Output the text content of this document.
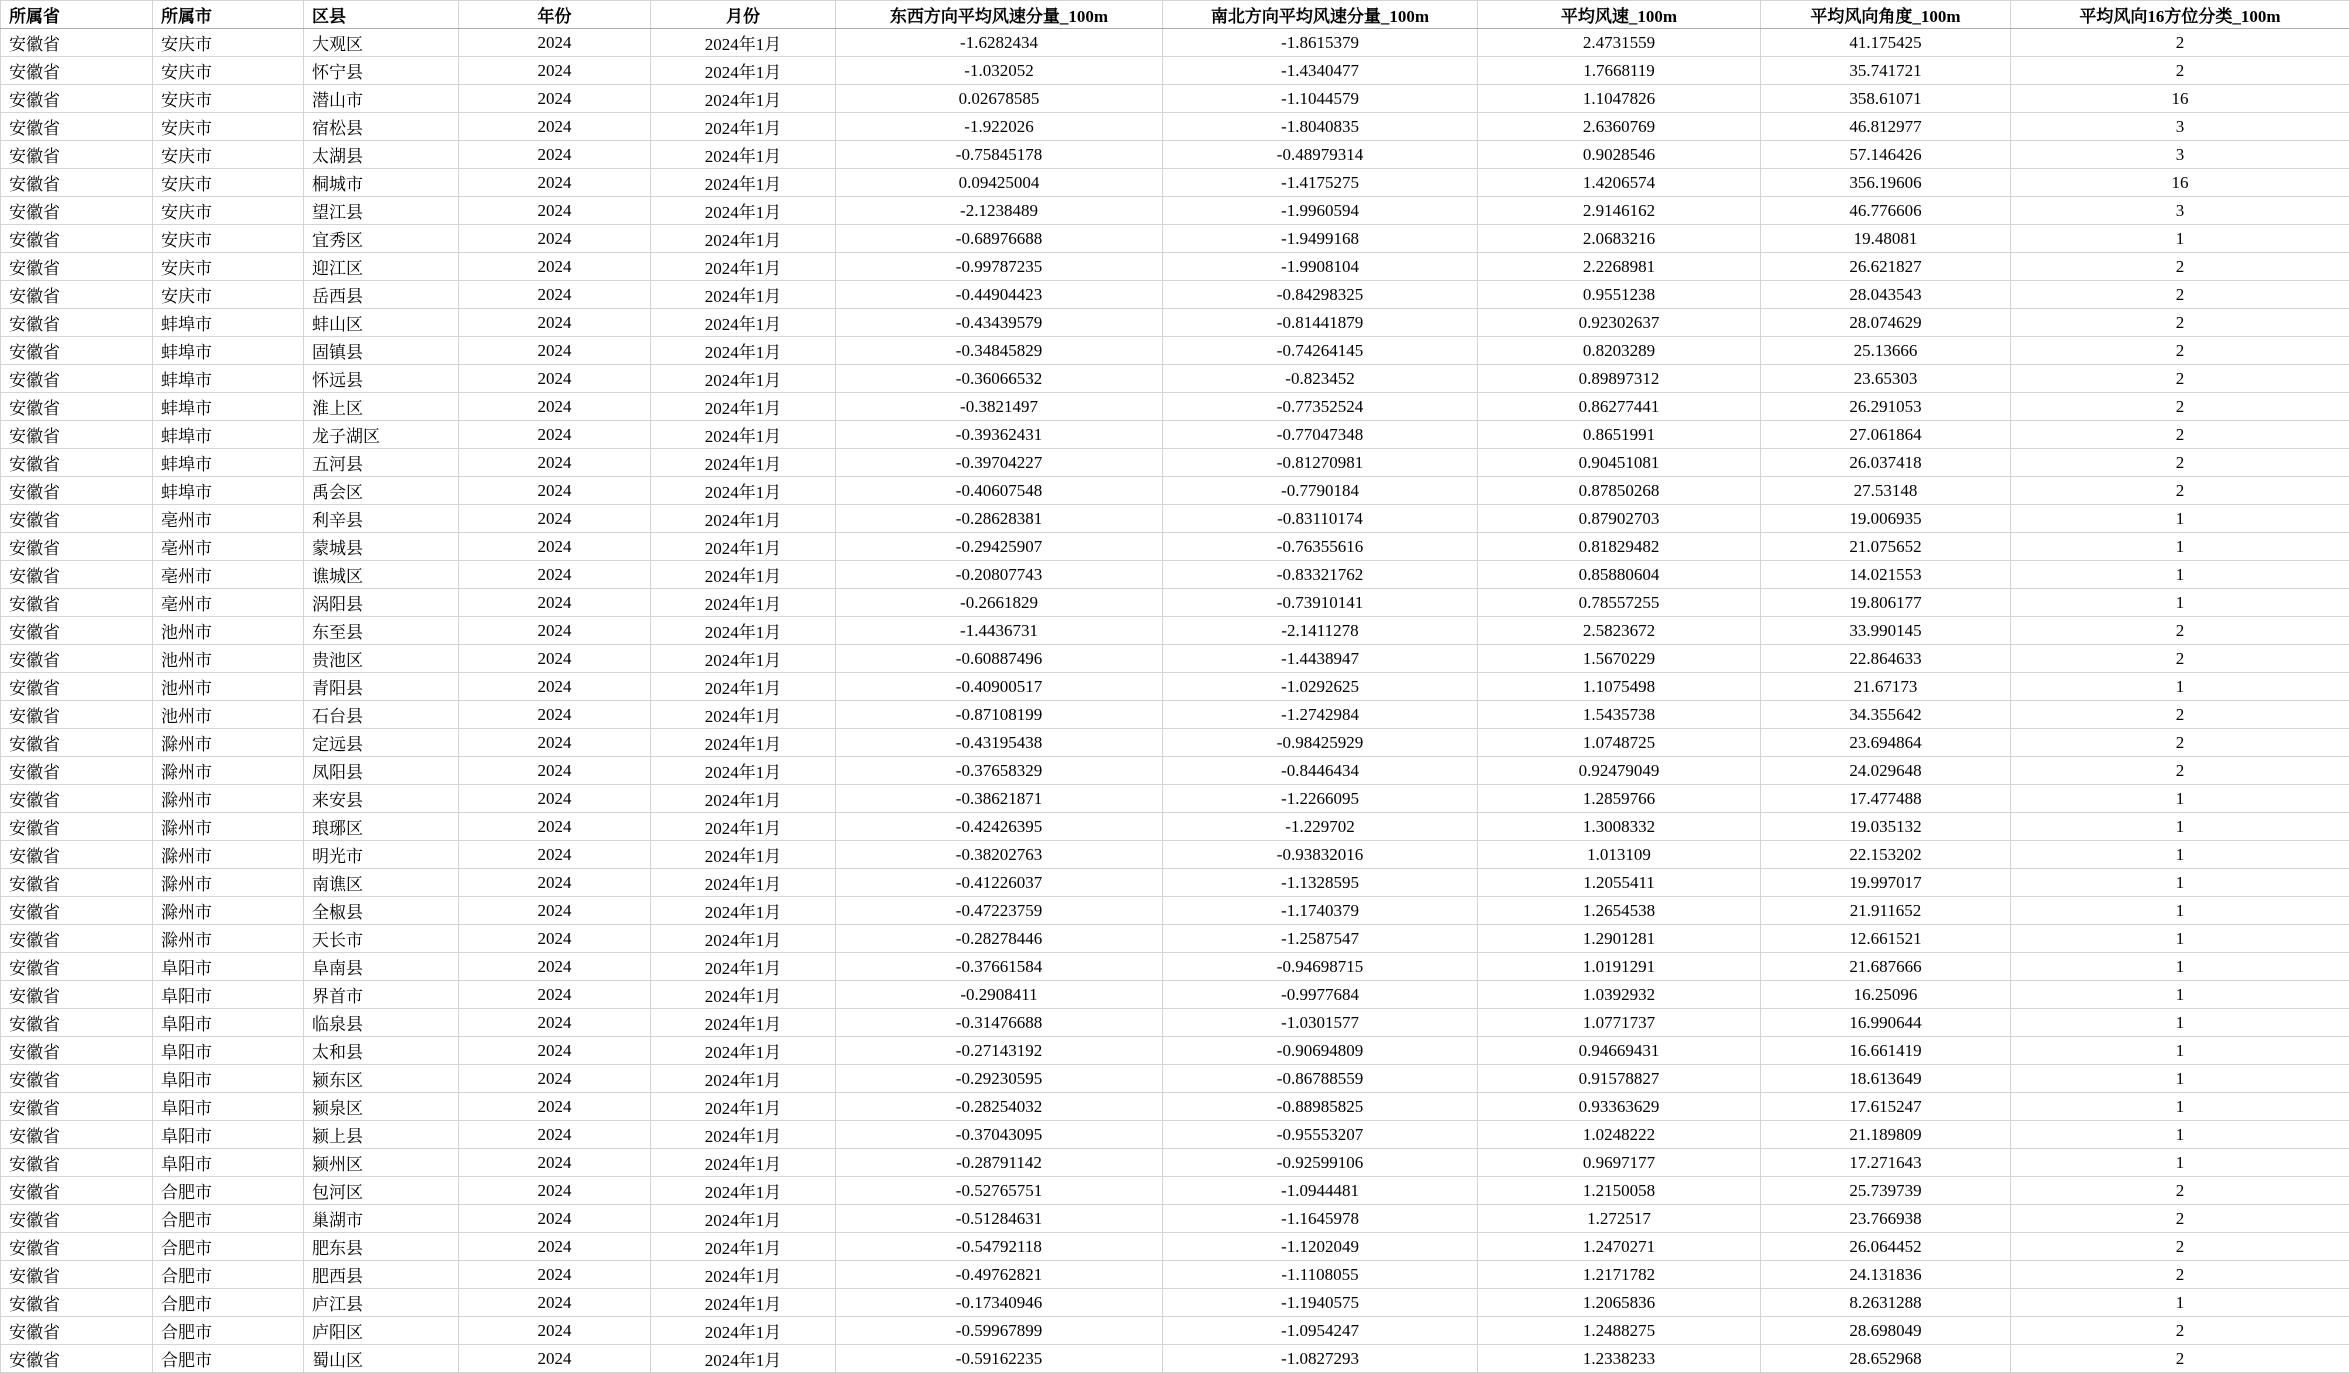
所属省	所属市	区县	年份	月份	东西方向平均风速分量_100m	南北方向平均风速分量_100m	平均风速_100m	平均风向角度_100m	平均风向16方位分类_100m
安徽省	安庆市	大观区	2024	2024年1月	-1.6282434	-1.8615379	2.4731559	41.175425	2
安徽省	安庆市	怀宁县	2024	2024年1月	-1.032052	-1.4340477	1.7668119	35.741721	2
安徽省	安庆市	潜山市	2024	2024年1月	0.02678585	-1.1044579	1.1047826	358.61071	16
安徽省	安庆市	宿松县	2024	2024年1月	-1.922026	-1.8040835	2.6360769	46.812977	3
安徽省	安庆市	太湖县	2024	2024年1月	-0.75845178	-0.48979314	0.9028546	57.146426	3
安徽省	安庆市	桐城市	2024	2024年1月	0.09425004	-1.4175275	1.4206574	356.19606	16
安徽省	安庆市	望江县	2024	2024年1月	-2.1238489	-1.9960594	2.9146162	46.776606	3
安徽省	安庆市	宜秀区	2024	2024年1月	-0.68976688	-1.9499168	2.0683216	19.48081	1
安徽省	安庆市	迎江区	2024	2024年1月	-0.99787235	-1.9908104	2.2268981	26.621827	2
安徽省	安庆市	岳西县	2024	2024年1月	-0.44904423	-0.84298325	0.9551238	28.043543	2
安徽省	蚌埠市	蚌山区	2024	2024年1月	-0.43439579	-0.81441879	0.92302637	28.074629	2
安徽省	蚌埠市	固镇县	2024	2024年1月	-0.34845829	-0.74264145	0.8203289	25.13666	2
安徽省	蚌埠市	怀远县	2024	2024年1月	-0.36066532	-0.823452	0.89897312	23.65303	2
安徽省	蚌埠市	淮上区	2024	2024年1月	-0.3821497	-0.77352524	0.86277441	26.291053	2
安徽省	蚌埠市	龙子湖区	2024	2024年1月	-0.39362431	-0.77047348	0.8651991	27.061864	2
安徽省	蚌埠市	五河县	2024	2024年1月	-0.39704227	-0.81270981	0.90451081	26.037418	2
安徽省	蚌埠市	禹会区	2024	2024年1月	-0.40607548	-0.7790184	0.87850268	27.53148	2
安徽省	亳州市	利辛县	2024	2024年1月	-0.28628381	-0.83110174	0.87902703	19.006935	1
安徽省	亳州市	蒙城县	2024	2024年1月	-0.29425907	-0.76355616	0.81829482	21.075652	1
安徽省	亳州市	谯城区	2024	2024年1月	-0.20807743	-0.83321762	0.85880604	14.021553	1
安徽省	亳州市	涡阳县	2024	2024年1月	-0.2661829	-0.73910141	0.78557255	19.806177	1
安徽省	池州市	东至县	2024	2024年1月	-1.4436731	-2.1411278	2.5823672	33.990145	2
安徽省	池州市	贵池区	2024	2024年1月	-0.60887496	-1.4438947	1.5670229	22.864633	2
安徽省	池州市	青阳县	2024	2024年1月	-0.40900517	-1.0292625	1.1075498	21.67173	1
安徽省	池州市	石台县	2024	2024年1月	-0.87108199	-1.2742984	1.5435738	34.355642	2
安徽省	滁州市	定远县	2024	2024年1月	-0.43195438	-0.98425929	1.0748725	23.694864	2
安徽省	滁州市	凤阳县	2024	2024年1月	-0.37658329	-0.8446434	0.92479049	24.029648	2
安徽省	滁州市	来安县	2024	2024年1月	-0.38621871	-1.2266095	1.2859766	17.477488	1
安徽省	滁州市	琅琊区	2024	2024年1月	-0.42426395	-1.229702	1.3008332	19.035132	1
安徽省	滁州市	明光市	2024	2024年1月	-0.38202763	-0.93832016	1.013109	22.153202	1
安徽省	滁州市	南谯区	2024	2024年1月	-0.41226037	-1.1328595	1.2055411	19.997017	1
安徽省	滁州市	全椒县	2024	2024年1月	-0.47223759	-1.1740379	1.2654538	21.911652	1
安徽省	滁州市	天长市	2024	2024年1月	-0.28278446	-1.2587547	1.2901281	12.661521	1
安徽省	阜阳市	阜南县	2024	2024年1月	-0.37661584	-0.94698715	1.0191291	21.687666	1
安徽省	阜阳市	界首市	2024	2024年1月	-0.2908411	-0.9977684	1.0392932	16.25096	1
安徽省	阜阳市	临泉县	2024	2024年1月	-0.31476688	-1.0301577	1.0771737	16.990644	1
安徽省	阜阳市	太和县	2024	2024年1月	-0.27143192	-0.90694809	0.94669431	16.661419	1
安徽省	阜阳市	颍东区	2024	2024年1月	-0.29230595	-0.86788559	0.91578827	18.613649	1
安徽省	阜阳市	颍泉区	2024	2024年1月	-0.28254032	-0.88985825	0.93363629	17.615247	1
安徽省	阜阳市	颍上县	2024	2024年1月	-0.37043095	-0.95553207	1.0248222	21.189809	1
安徽省	阜阳市	颍州区	2024	2024年1月	-0.28791142	-0.92599106	0.9697177	17.271643	1
安徽省	合肥市	包河区	2024	2024年1月	-0.52765751	-1.0944481	1.2150058	25.739739	2
安徽省	合肥市	巢湖市	2024	2024年1月	-0.51284631	-1.1645978	1.272517	23.766938	2
安徽省	合肥市	肥东县	2024	2024年1月	-0.54792118	-1.1202049	1.2470271	26.064452	2
安徽省	合肥市	肥西县	2024	2024年1月	-0.49762821	-1.1108055	1.2171782	24.131836	2
安徽省	合肥市	庐江县	2024	2024年1月	-0.17340946	-1.1940575	1.2065836	8.2631288	1
安徽省	合肥市	庐阳区	2024	2024年1月	-0.59967899	-1.0954247	1.2488275	28.698049	2
安徽省	合肥市	蜀山区	2024	2024年1月	-0.59162235	-1.0827293	1.2338233	28.652968	2
